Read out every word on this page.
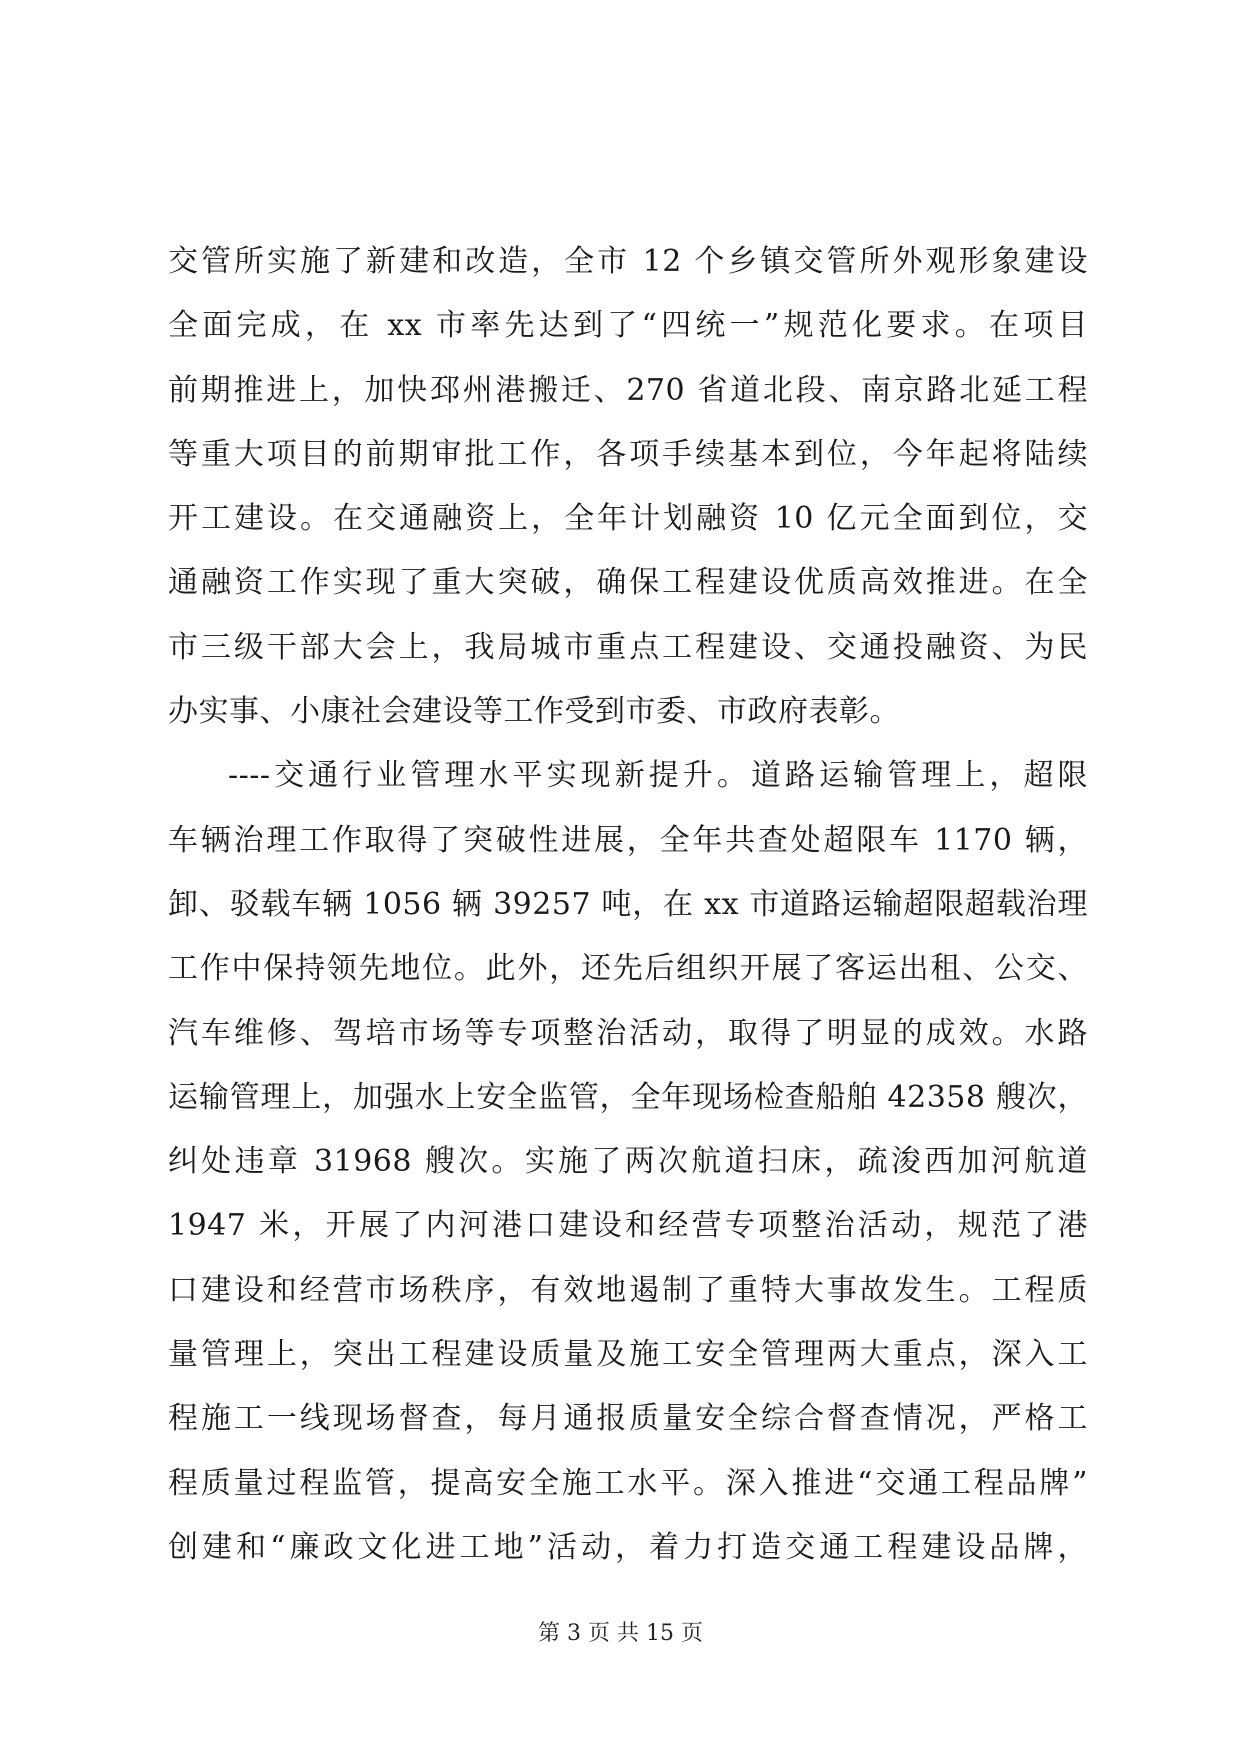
交管所实施了新建和改造，全市 12 个乡镇交管所外观形象建设
全面完成，在 xx 市率先达到了“四统一”规范化要求。在项目
前期推进上，加快邳州港搬迁、270 省道北段、南京路北延工程
等重大项目的前期审批工作，各项手续基本到位，今年起将陆续
开工建设。在交通融资上，全年计划融资 10 亿元全面到位，交
通融资工作实现了重大突破，确保工程建设优质高效推进。在全
市三级干部大会上，我局城市重点工程建设、交通投融资、为民
办实事、小康社会建设等工作受到市委、市政府表彰。
----交通行业管理水平实现新提升。道路运输管理上，超限
车辆治理工作取得了突破性进展，全年共查处超限车 1170 辆，
卸、驳载车辆 1056 辆 39257 吨，在 xx 市道路运输超限超载治理
工作中保持领先地位。此外，还先后组织开展了客运出租、公交、
汽车维修、驾培市场等专项整治活动，取得了明显的成效。水路
运输管理上，加强水上安全监管，全年现场检查船舶 42358 艘次，
纠处违章 31968 艘次。实施了两次航道扫床，疏浚西加河航道
1947 米，开展了内河港口建设和经营专项整治活动，规范了港
口建设和经营市场秩序，有效地遏制了重特大事故发生。工程质
量管理上，突出工程建设质量及施工安全管理两大重点，深入工
程施工一线现场督查，每月通报质量安全综合督查情况，严格工
程质量过程监管，提高安全施工水平。深入推进“交通工程品牌”
创建和“廉政文化进工地”活动，着力打造交通工程建设品牌，
第 3 页 共 15 页
